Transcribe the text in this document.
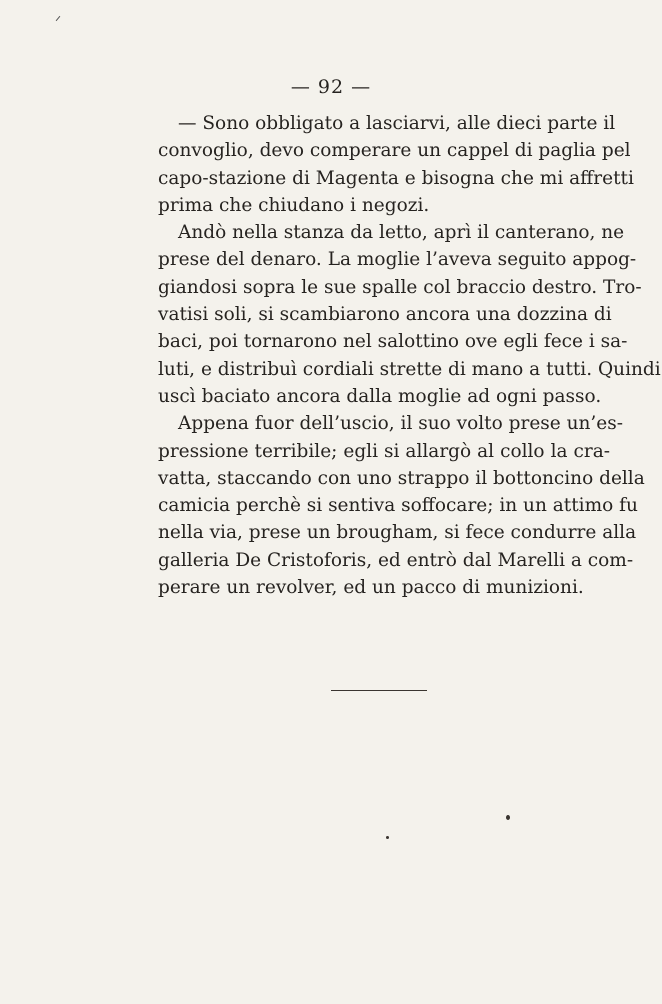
— 92 —

— Sono obbligato a lasciarvi, alle dieci parte il
convoglio, devo comperare un cappel di paglia pel
capo-stazione di Magenta e bisogna che mi affretti
prima che chiudano i negozi.

Andò nella stanza da letto, aprì il canterano, ne
prese del denaro. La moglie l’aveva seguito appog-
giandosi sopra le sue spalle col braccio destro. Tro-
vatisi soli, si scambiarono ancora una dozzina di
baci, poi tornarono nel salottino ove egli fece i sa-
luti, e distribuì cordiali strette di mano a tutti. Quindi
uscì baciato ancora dalla moglie ad ogni passo.

Appena fuor dell’uscio, il suo volto prese un’es-
pressione terribile; egli si allargò al collo la cra-
vatta, staccando con uno strappo il bottoncino della
camicia perchè si sentiva soffocare; in un attimo fu
nella via, prese un brougham, si fece condurre alla
galleria De Cristoforis, ed entrò dal Marelli a com-
perare un revolver, ed un pacco di munizioni.
